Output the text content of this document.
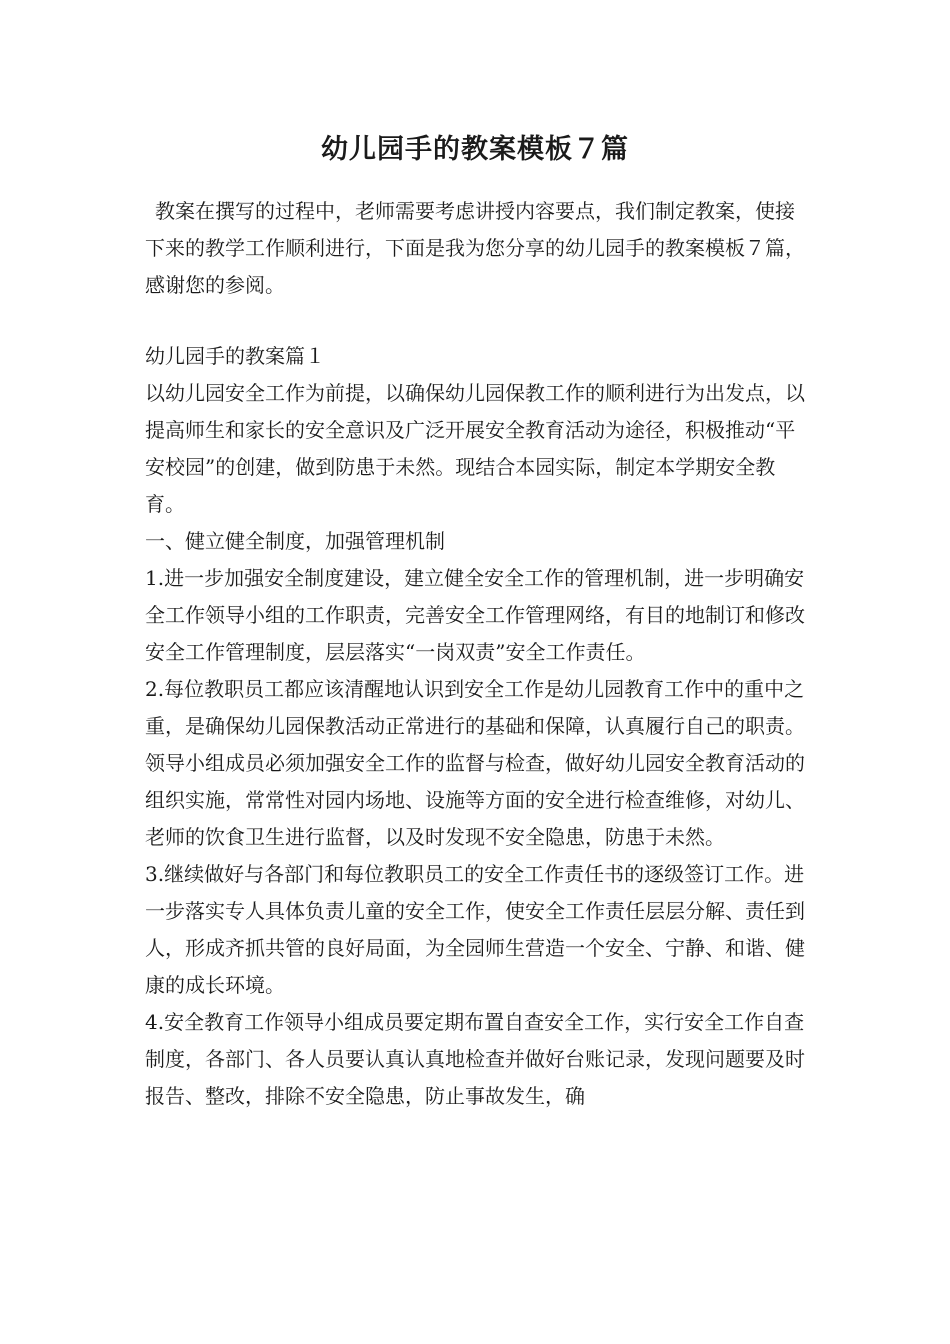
幼儿园手的教案模板７篇
教案在撰写的过程中，老师需要考虑讲授内容要点，我们制定教案，使接下来的教学工作顺利进行，下面是我为您分享的幼儿园手的教案模板７篇，感谢您的参阅。

幼儿园手的教案篇１

以幼儿园安全工作为前提，以确保幼儿园保教工作的顺利进行为出发点，以提高师生和家长的安全意识及广泛开展安全教育活动为途径，积极推动“平安校园”的创建，做到防患于未然。现结合本园实际，制定本学期安全教育。

一、健立健全制度，加强管理机制

1.进一步加强安全制度建设，建立健全安全工作的管理机制，进一步明确安全工作领导小组的工作职责，完善安全工作管理网络，有目的地制订和修改安全工作管理制度，层层落实“一岗双责”安全工作责任。

2.每位教职员工都应该清醒地认识到安全工作是幼儿园教育工作中的重中之重，是确保幼儿园保教活动正常进行的基础和保障，认真履行自己的职责。领导小组成员必须加强安全工作的监督与检查，做好幼儿园安全教育活动的组织实施，常常性对园内场地、设施等方面的安全进行检查维修，对幼儿、老师的饮食卫生进行监督，以及时发现不安全隐患，防患于未然。

3.继续做好与各部门和每位教职员工的安全工作责任书的逐级签订工作。进一步落实专人具体负责儿童的安全工作，使安全工作责任层层分解、责任到人，形成齐抓共管的良好局面，为全园师生营造一个安全、宁静、和谐、健康的成长环境。

4.安全教育工作领导小组成员要定期布置自查安全工作，实行安全工作自查制度，各部门、各人员要认真认真地检查并做好台账记录，发现问题要及时报告、整改，排除不安全隐患，防止事故发生，确
